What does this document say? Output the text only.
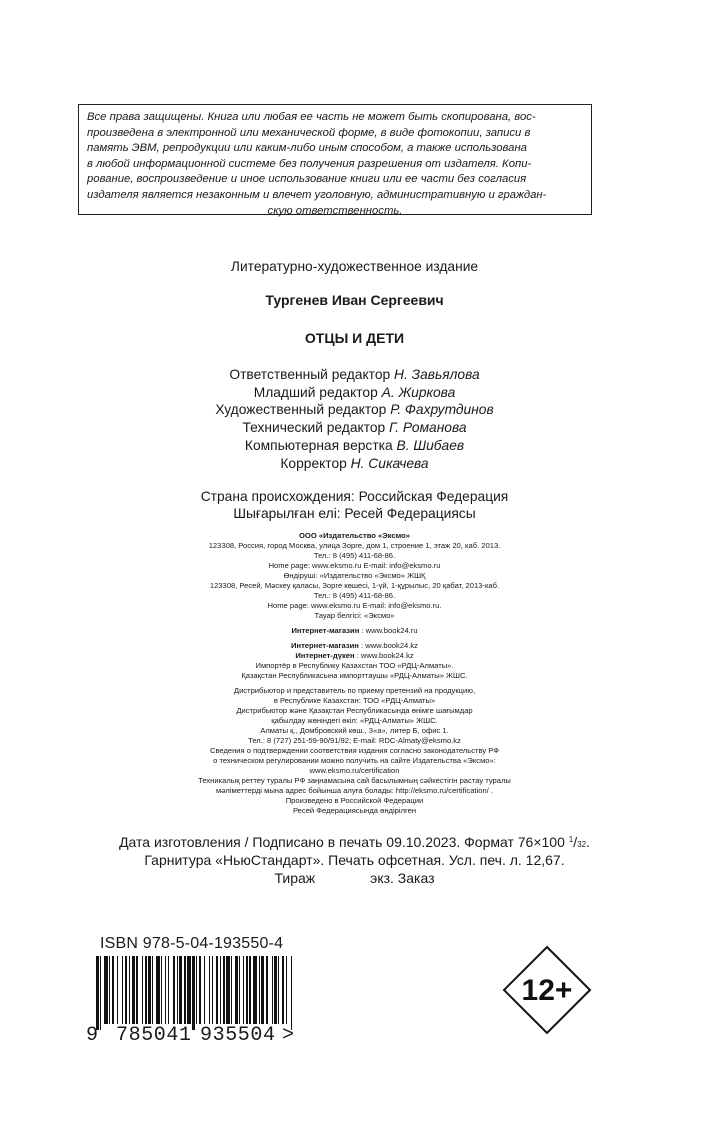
Все права защищены. Книга или любая ее часть не может быть скопирована, вос-
произведена в электронной или механической форме, в виде фотокопии, записи в
память ЭВМ, репродукции или каким-либо иным способом, а также использована
в любой информационной системе без получения разрешения от издателя. Копи-
рование, воспроизведение и иное использование книги или ее части без согласия
издателя является незаконным и влечет уголовную, административную и граждан-
скую ответственность.
Литературно-художественное издание
Тургенев Иван Сергеевич
ОТЦЫ И ДЕТИ
Ответственный редактор Н. Завьялова
Младший редактор А. Жиркова
Художественный редактор Р. Фахрутдинов
Технический редактор Г. Романова
Компьютерная верстка В. Шибаев
Корректор Н. Сикачева
Страна происхождения: Российская Федерация
Шығарылған елі: Ресей Федерациясы
ООО «Издательство «Эксмо»
123308, Россия, город Москва, улица Зорге, дом 1, строение 1, этаж 20, каб. 2013.
Тел.: 8 (495) 411-68-86.
Home page: www.eksmo.ru E-mail: info@eksmo.ru
Өндіруші: «Издательство «Эксмо» ЖШҚ
123308, Ресей, Мәскеу қаласы, Зорге көшесі, 1-үй, 1-құрылыс, 20 қабат, 2013-каб.
Тел.: 8 (495) 411-68-86.
Home page: www.eksmo.ru E-mail: info@eksmo.ru.
Тауар белгісі: «Эксмо»
Интернет-магазин : www.book24.ru
Интернет-магазин : www.book24.kz
Интернет-дүкен : www.book24.kz
Импортёр в Республику Казахстан ТОО «РДЦ-Алматы».
Қазақстан Республикасына импорттаушы «РДЦ-Алматы» ЖШС.
Дистрибьютор и представитель по приему претензий на продукцию,
в Республике Казахстан: ТОО «РДЦ-Алматы»
Дистрибьютор және Қазақстан Республикасында өнімге шағымдар
қабылдау жөніндегі өкіл: «РДЦ-Алматы» ЖШС.
Алматы қ., Домбровский көш., 3«а», литер Б, офис 1.
Тел.: 8 (727) 251-59-90/91/92; E-mail: RDC-Almaty@eksmo.kz
Сведения о подтверждении соответствия издания согласно законодательству РФ
о техническом регулировании можно получить на сайте Издательства «Эксмо»:
www.eksmo.ru/certification
Техникалық реттеу туралы РФ заңнамасына сай басылымның сәйкестігін растау туралы
мәліметтерді мына адрес бойынша алуға болады: http://eksmo.ru/certification/ .
Произведено в Российской Федерации
Ресей Федерациясында өндірілген
Дата изготовления / Подписано в печать 09.10.2023. Формат 76×100 $^1/_{32}$.
Гарнитура «НьюСтандарт». Печать офсетная. Усл. печ. л. 12,67.
Тираж	экз. Заказ
ISBN 978-5-04-193550-4
9 785041 935504 >
12+
